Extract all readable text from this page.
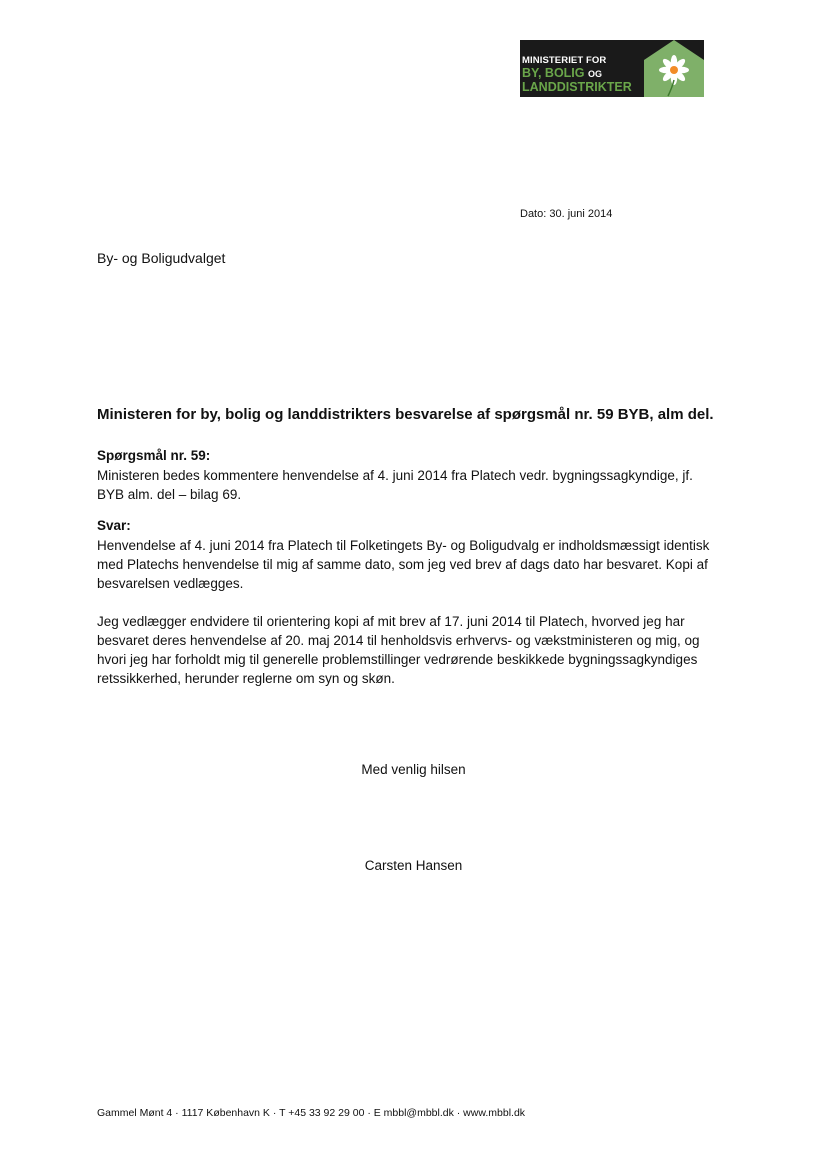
MINISTERIET FOR
BY, BOLIG OG
LANDDISTRIKTER
Dato: 30. juni 2014
By- og Boligudvalget
Ministeren for by, bolig og landdistrikters besvarelse af spørgsmål nr. 59 BYB, alm del.
Spørgsmål nr. 59:
Ministeren bedes kommentere henvendelse af 4. juni 2014 fra Platech vedr. bygningssagkyndige, jf.
BYB alm. del – bilag 69.
Svar:
Henvendelse af 4. juni 2014 fra Platech til Folketingets By- og Boligudvalg er indholdsmæssigt identisk
med Platechs henvendelse til mig af samme dato, som jeg ved brev af dags dato har besvaret. Kopi af
besvarelsen vedlægges.
Jeg vedlægger endvidere til orientering kopi af mit brev af 17. juni 2014 til Platech, hvorved jeg har
besvaret deres henvendelse af 20. maj 2014 til henholdsvis erhvervs- og vækstministeren og mig, og
hvori jeg har forholdt mig til generelle problemstillinger vedrørende beskikkede bygningssagkyndiges
retssikkerhed, herunder reglerne om syn og skøn.
Med venlig hilsen
Carsten Hansen
Gammel Mønt 4 · 1117 København K · T +45 33 92 29 00 · E mbbl@mbbl.dk · www.mbbl.dk
